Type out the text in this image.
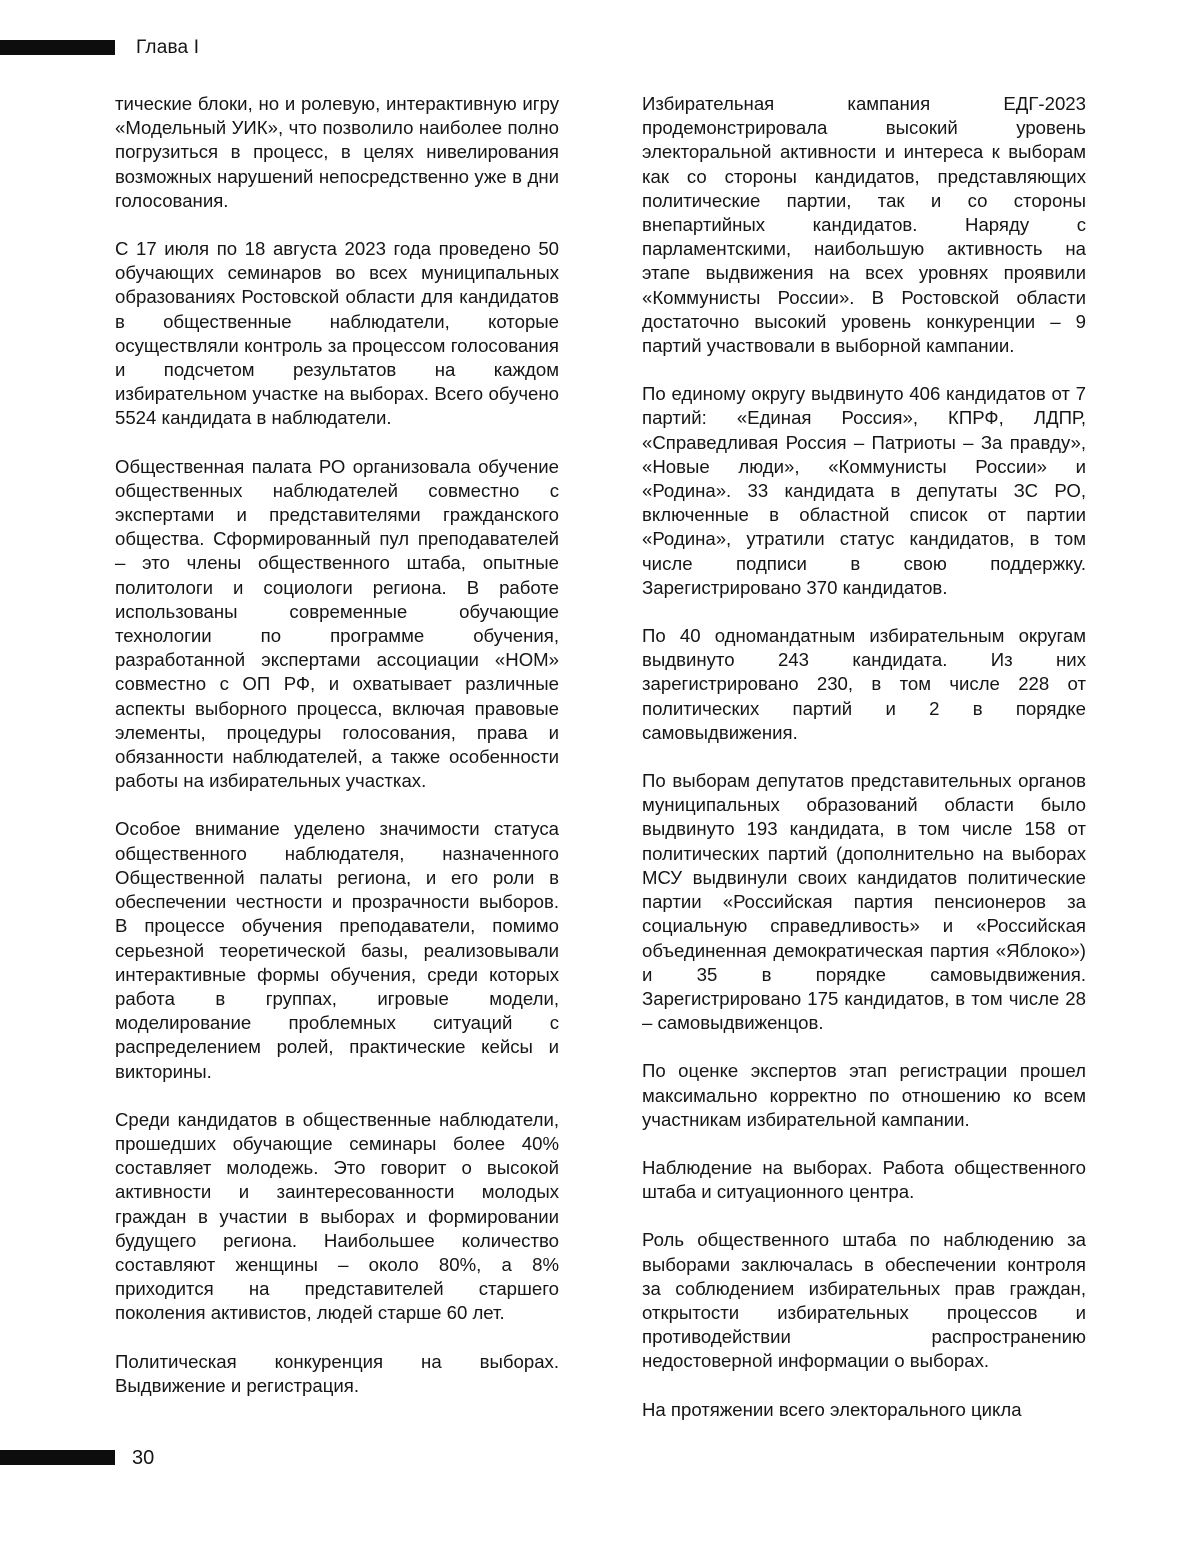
Глава I

тические блоки, но и ролевую, интерактивную игру «Модельный УИК», что позволило наиболее полно погрузиться в процесс, в целях нивелирования возможных нарушений непосредственно уже в дни голосования.

С 17 июля по 18 августа 2023 года проведено 50 обучающих семинаров во всех муниципальных образованиях Ростовской области для кандидатов в общественные наблюдатели, которые осуществляли контроль за процессом голосования и подсчетом результатов на каждом избирательном участке на выборах. Всего обучено 5524 кандидата в наблюдатели.

Общественная палата РО организовала обучение общественных наблюдателей совместно с экспертами и представителями гражданского общества. Сформированный пул преподавателей – это члены общественного штаба, опытные политологи и социологи региона. В работе использованы современные обучающие технологии по программе обучения, разработанной экспертами ассоциации «НОМ» совместно с ОП РФ, и охватывает различные аспекты выборного процесса, включая правовые элементы, процедуры голосования, права и обязанности наблюдателей, а также особенности работы на избирательных участках.

Особое внимание уделено значимости статуса общественного наблюдателя, назначенного Общественной палаты региона, и его роли в обеспечении честности и прозрачности выборов. В процессе обучения преподаватели, помимо серьезной теоретической базы, реализовывали интерактивные формы обучения, среди которых работа в группах, игровые модели, моделирование проблемных ситуаций с распределением ролей, практические кейсы и викторины.

Среди кандидатов в общественные наблюдатели, прошедших обучающие семинары более 40% составляет молодежь. Это говорит о высокой активности и заинтересованности молодых граждан в участии в выборах и формировании будущего региона. Наибольшее количество составляют женщины – около 80%, а 8% приходится на представителей старшего поколения активистов, людей старше 60 лет.

Политическая конкуренция на выборах. Выдвижение и регистрация.

Избирательная кампания ЕДГ-2023 продемонстрировала высокий уровень электоральной активности и интереса к выборам как со стороны кандидатов, представляющих политические партии, так и со стороны внепартийных кандидатов. Наряду с парламентскими, наибольшую активность на этапе выдвижения на всех уровнях проявили «Коммунисты России». В Ростовской области достаточно высокий уровень конкуренции – 9 партий участвовали в выборной кампании.

По единому округу выдвинуто 406 кандидатов от 7 партий: «Единая Россия», КПРФ, ЛДПР, «Справедливая Россия – Патриоты – За правду», «Новые люди», «Коммунисты России» и «Родина». 33 кандидата в депутаты ЗС РО, включенные в областной список от партии «Родина», утратили статус кандидатов, в том числе подписи в свою поддержку. Зарегистрировано 370 кандидатов.

По 40 одномандатным избирательным округам выдвинуто 243 кандидата. Из них зарегистрировано 230, в том числе 228 от политических партий и 2 в порядке самовыдвижения.

По выборам депутатов представительных органов муниципальных образований области было выдвинуто 193 кандидата, в том числе 158 от политических партий (дополнительно на выборах МСУ выдвинули своих кандидатов политические партии «Российская партия пенсионеров за социальную справедливость» и «Российская объединенная демократическая партия «Яблоко») и 35 в порядке самовыдвижения. Зарегистрировано 175 кандидатов, в том числе 28 – самовыдвиженцов.

По оценке экспертов этап регистрации прошел максимально корректно по отношению ко всем участникам избирательной кампании.

Наблюдение на выборах. Работа общественного штаба и ситуационного центра.

Роль общественного штаба по наблюдению за выборами заключалась в обеспечении контроля за соблюдением избирательных прав граждан, открытости избирательных процессов и противодействии распространению недостоверной информации о выборах.

На протяжении всего электорального цикла

30
